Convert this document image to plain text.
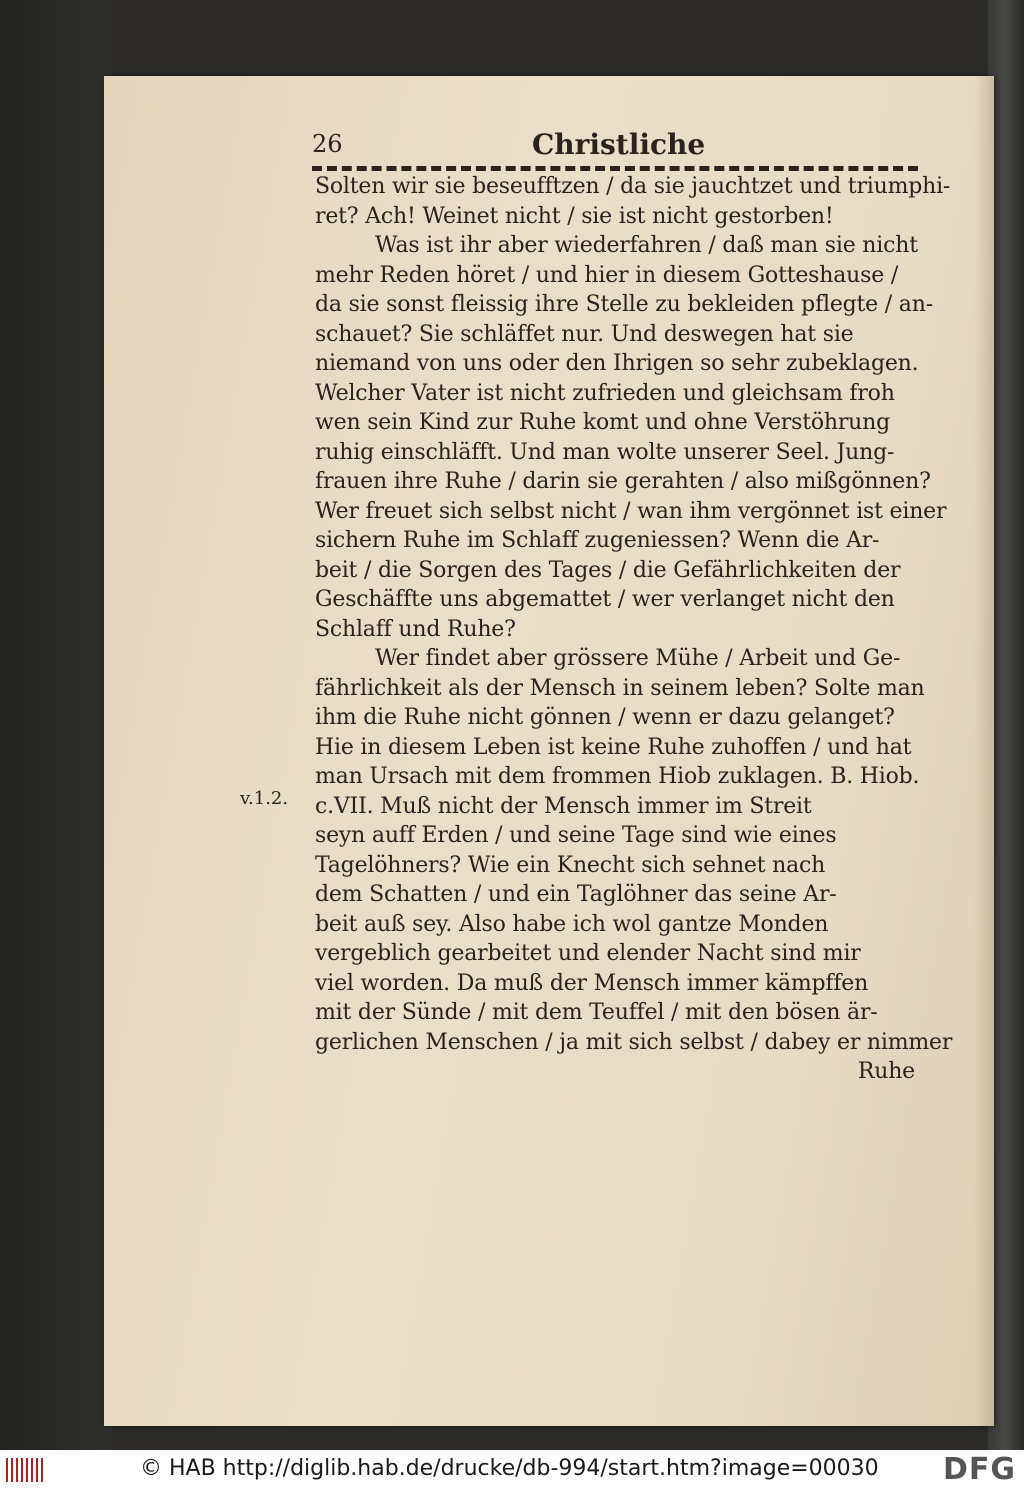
26	Christliche
v.1.2.
Solten wir sie beseufftzen / da sie jauchtzet und triumphi-
ret? Ach! Weinet nicht / sie ist nicht gestorben!
Was ist ihr aber wiederfahren / daß man sie nicht
mehr Reden höret / und hier in diesem Gotteshause /
da sie sonst fleissig ihre Stelle zu bekleiden pflegte / an-
schauet? Sie schläffet nur. Und deswegen hat sie
niemand von uns oder den Ihrigen so sehr zubeklagen.
Welcher Vater ist nicht zufrieden und gleichsam froh
wen sein Kind zur Ruhe komt und ohne Verstöhrung
ruhig einschläfft. Und man wolte unserer Seel. Jung-
frauen ihre Ruhe / darin sie gerahten / also mißgönnen?
Wer freuet sich selbst nicht / wan ihm vergönnet ist einer
sichern Ruhe im Schlaff zugeniessen? Wenn die Ar-
beit / die Sorgen des Tages / die Gefährlichkeiten der
Geschäffte uns abgemattet / wer verlanget nicht den
Schlaff und Ruhe?
Wer findet aber grössere Mühe / Arbeit und Ge-
fährlichkeit als der Mensch in seinem leben? Solte man
ihm die Ruhe nicht gönnen / wenn er dazu gelanget?
Hie in diesem Leben ist keine Ruhe zuhoffen / und hat
man Ursach mit dem frommen Hiob zuklagen. B. Hiob.
c.VII. Muß nicht der Mensch immer im Streit
seyn auff Erden / und seine Tage sind wie eines
Tagelöhners? Wie ein Knecht sich sehnet nach
dem Schatten / und ein Taglöhner das seine Ar-
beit auß sey. Also habe ich wol gantze Monden
vergeblich gearbeitet und elender Nacht sind mir
viel worden. Da muß der Mensch immer kämpffen
mit der Sünde / mit dem Teuffel / mit den bösen är-
gerlichen Menschen / ja mit sich selbst / dabey er nimmer
Ruhe
© HAB http://diglib.hab.de/drucke/db-994/start.htm?image=00030 DFG
